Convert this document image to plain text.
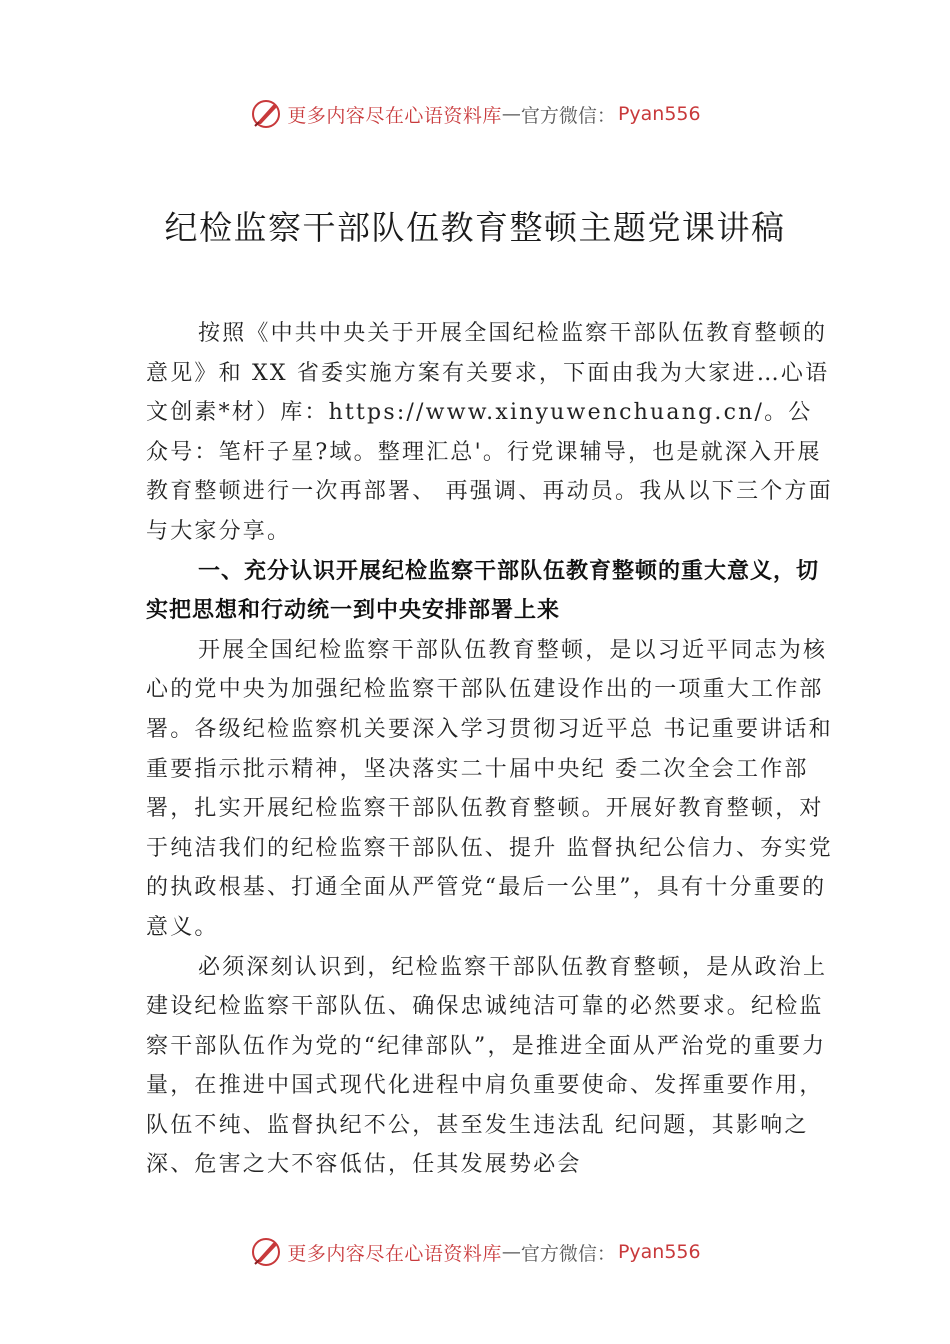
更多内容尽在心语资料库 — 官方微信： Pyan556
纪检监察干部队伍教育整顿主题党课讲稿

按照《中共中央关于开展全国纪检监察干部队伍教育整顿的意见》和 XX 省委实施方案有关要求，下面由我为大家进…心语文创素*材）库：https://www.xinyuwenchuang.cn/。公众号：笔杆子星?域。整理汇总'。行党课辅导，也是就深入开展教育整顿进行一次再部署、 再强调、再动员。我从以下三个方面与大家分享。

一、充分认识开展纪检监察干部队伍教育整顿的重大意义，切实把思想和行动统一到中央安排部署上来

开展全国纪检监察干部队伍教育整顿，是以习近平同志为核心的党中央为加强纪检监察干部队伍建设作出的一项重大工作部署。各级纪检监察机关要深入学习贯彻习近平总 书记重要讲话和重要指示批示精神，坚决落实二十届中央纪 委二次全会工作部署，扎实开展纪检监察干部队伍教育整顿。开展好教育整顿，对于纯洁我们的纪检监察干部队伍、提升 监督执纪公信力、夯实党的执政根基、打通全面从严管党“最后一公里”，具有十分重要的意义。

必须深刻认识到，纪检监察干部队伍教育整顿，是从政治上建设纪检监察干部队伍、确保忠诚纯洁可靠的必然要求。纪检监察干部队伍作为党的“纪律部队”，是推进全面从严治党的重要力量，在推进中国式现代化进程中肩负重要使命、发挥重要作用，队伍不纯、监督执纪不公，甚至发生违法乱 纪问题，其影响之深、危害之大不容低估，任其发展势必会

更多内容尽在心语资料库 — 官方微信： Pyan556
